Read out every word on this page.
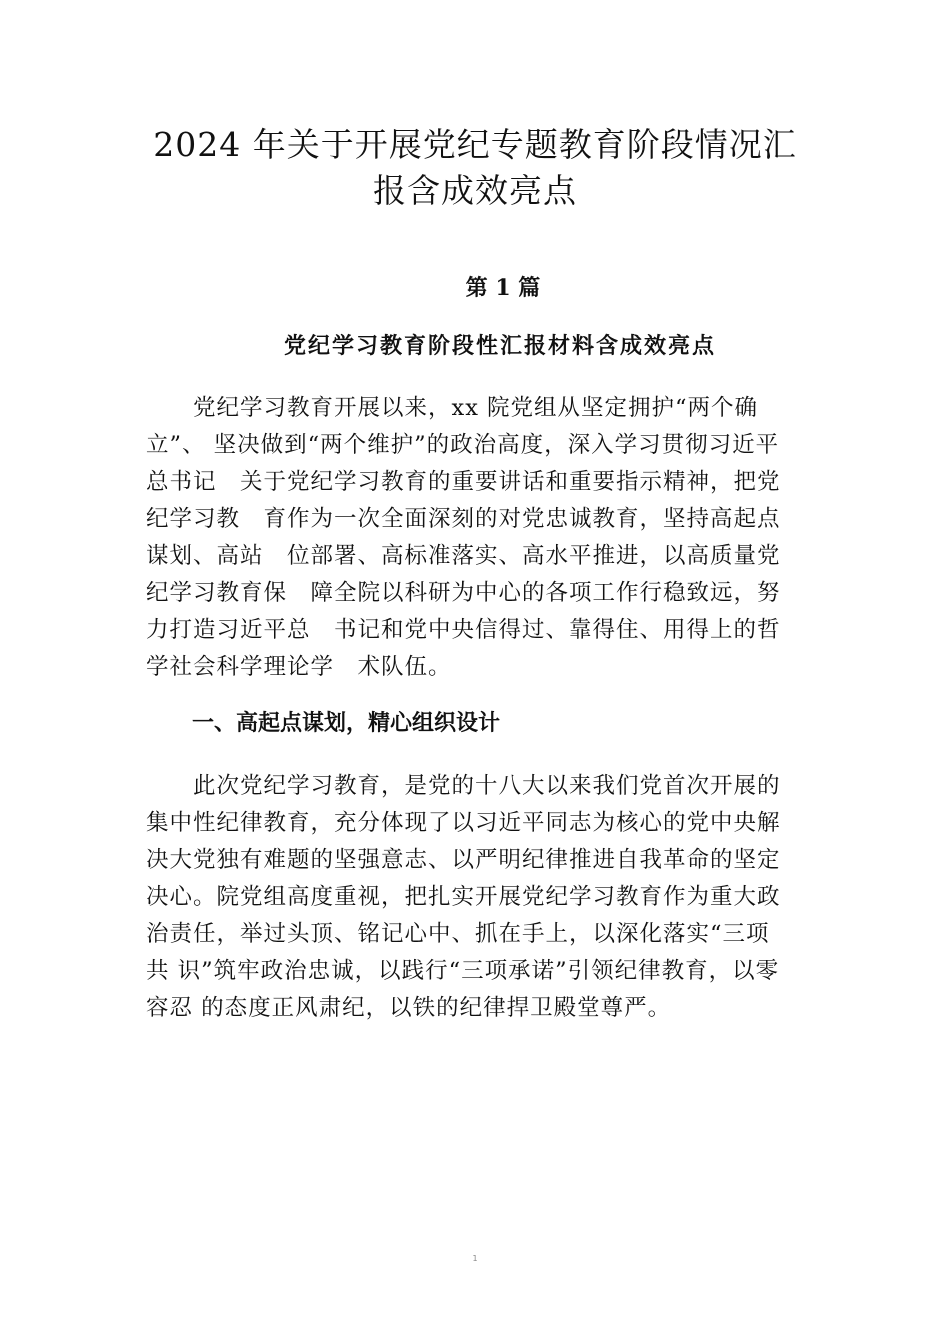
2024 年关于开展党纪专题教育阶段情况汇
报含成效亮点
第 1 篇
党纪学习教育阶段性汇报材料含成效亮点
　　党纪学习教育开展以来，xx 院党组从坚定拥护“两个确
立”、 坚决做到“两个维护”的政治高度，深入学习贯彻习近平
总书记　关于党纪学习教育的重要讲话和重要指示精神，把党
纪学习教　育作为一次全面深刻的对党忠诚教育，坚持高起点
谋划、高站　位部署、高标准落实、高水平推进，以高质量党
纪学习教育保　障全院以科研为中心的各项工作行稳致远，努
力打造习近平总　书记和党中央信得过、靠得住、用得上的哲
学社会科学理论学　术队伍。
一、高起点谋划，精心组织设计
　　此次党纪学习教育，是党的十八大以来我们党首次开展的
集中性纪律教育，充分体现了以习近平同志为核心的党中央解
决大党独有难题的坚强意志、以严明纪律推进自我革命的坚定
决心。院党组高度重视，把扎实开展党纪学习教育作为重大政
治责任，举过头顶、铭记心中、抓在手上，以深化落实“三项
共 识”筑牢政治忠诚，以践行“三项承诺”引领纪律教育，以零
容忍 的态度正风肃纪，以铁的纪律捍卫殿堂尊严。
1
